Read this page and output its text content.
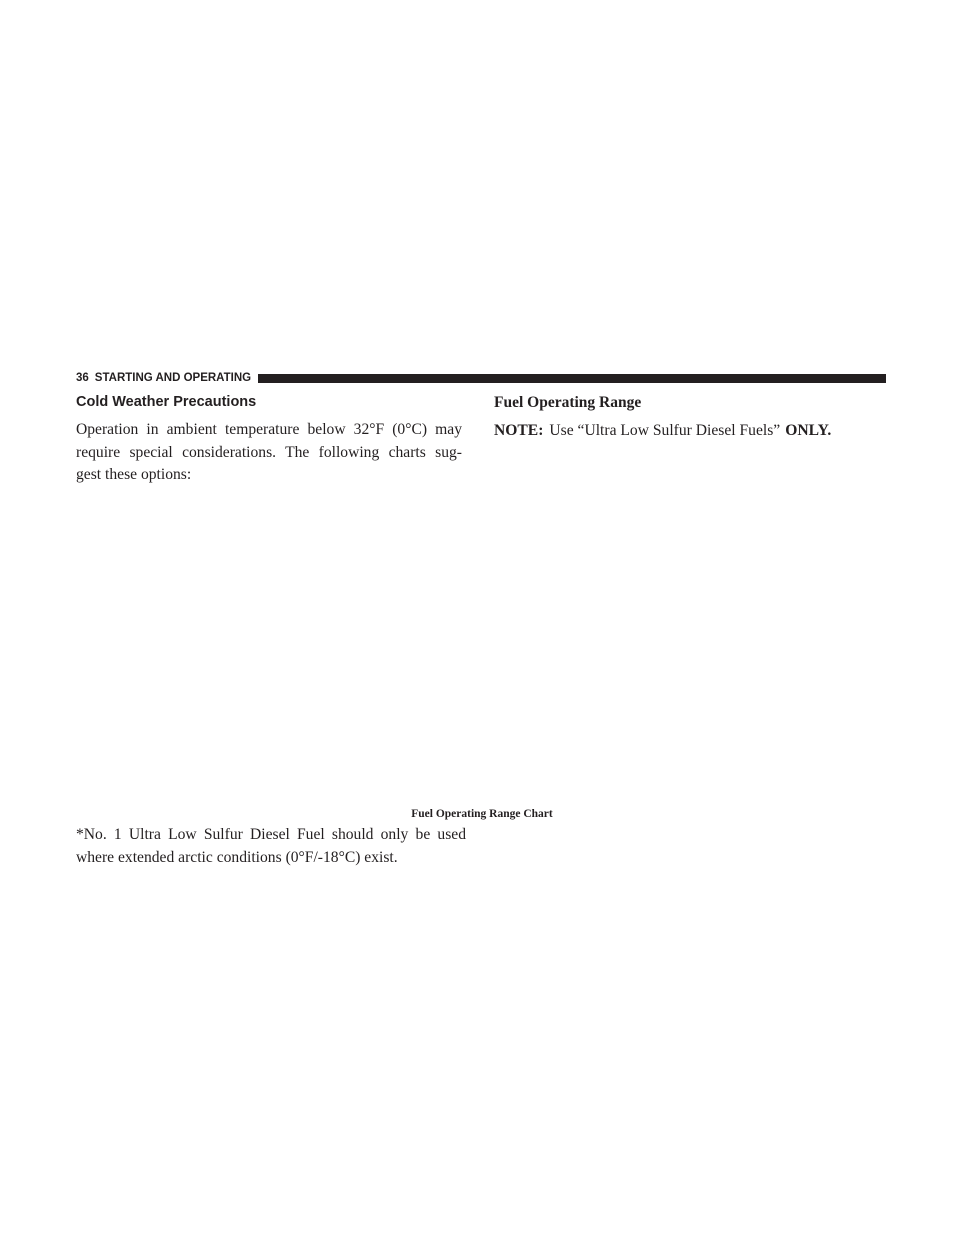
36 STARTING AND OPERATING
Cold Weather Precautions
Operation in ambient temperature below 32°F (0°C) may
require special considerations. The following charts sug-
gest these options:
Fuel Operating Range
NOTE: Use “Ultra Low Sulfur Diesel Fuels” ONLY.
Fuel Operating Range Chart
*No. 1 Ultra Low Sulfur Diesel Fuel should only be used
where extended arctic conditions (0°F/-18°C) exist.
